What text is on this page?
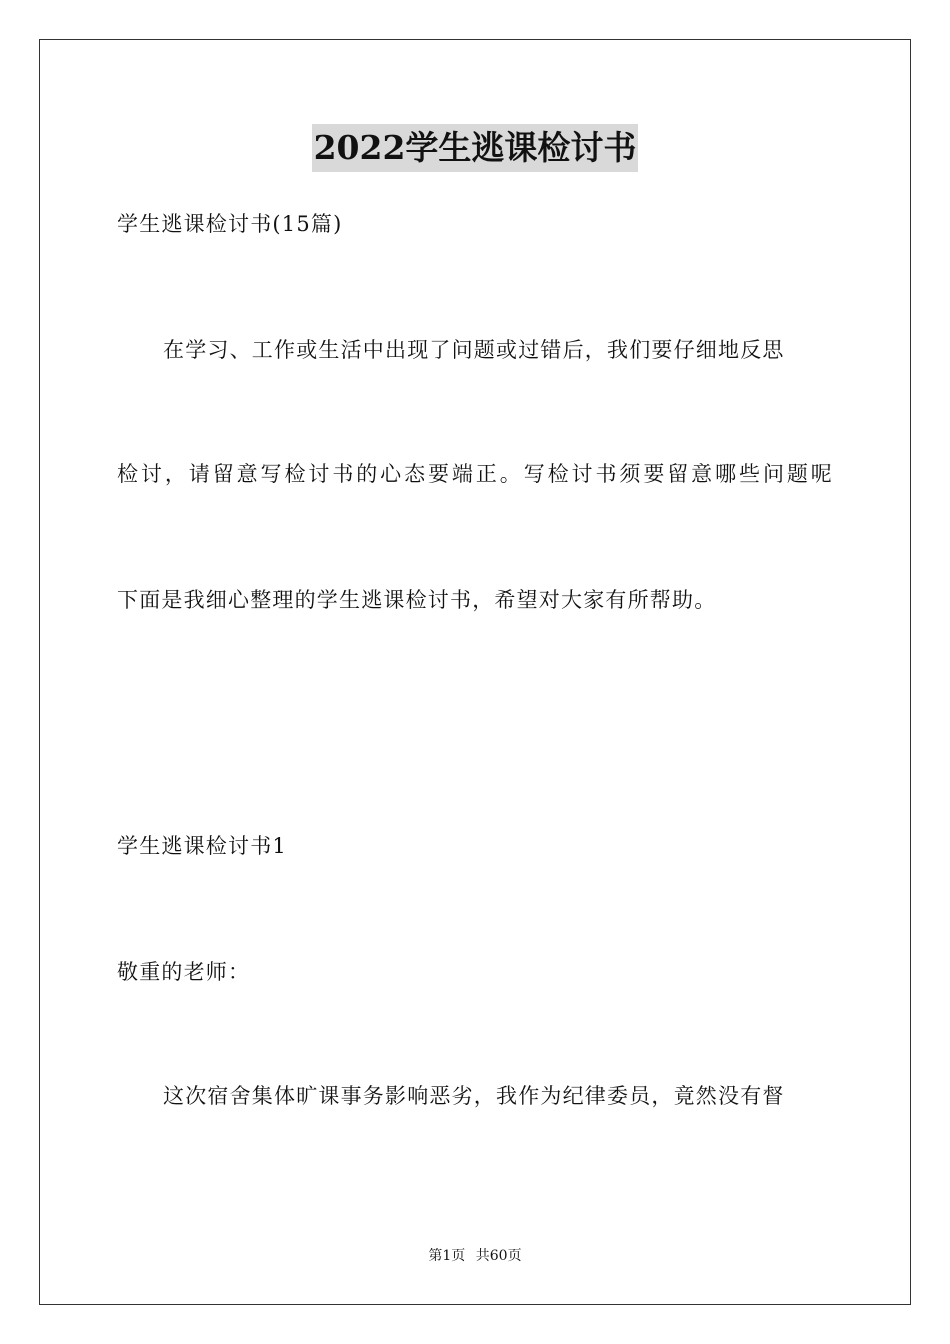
2022学生逃课检讨书
学生逃课检讨书(15篇)
在学习、工作或生活中出现了问题或过错后，我们要仔细地反思
检讨，请留意写检讨书的心态要端正。写检讨书须要留意哪些问题呢
下面是我细心整理的学生逃课检讨书，希望对大家有所帮助。
学生逃课检讨书1
敬重的老师：
这次宿舍集体旷课事务影响恶劣，我作为纪律委员，竟然没有督
第1页 共60页
